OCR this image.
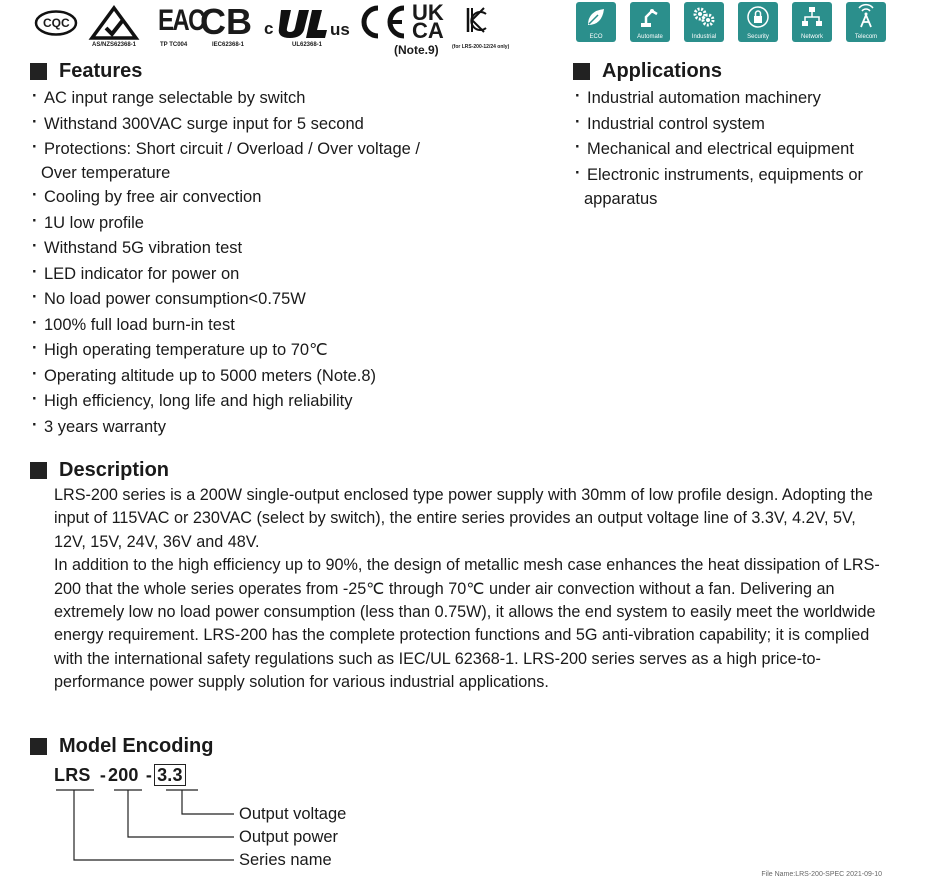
CQC
AS/NZS62368-1
EAC
TP TC004
CB
IEC62368-1
c	us
UL62368-1
UK
CA
(Note.9)	(for LRS-200-12/24 only)
ECO	Automate	Industrial	Security	Network	Telecom
Features
· AC input range selectable by switch
· Withstand 300VAC surge input for 5 second
· Protections: Short circuit / Overload / Over voltage /
Over temperature
· Cooling by free air convection
· 1U low profile
· Withstand 5G vibration test
· LED indicator for power on
· No load power consumption<0.75W
· 100% full load burn-in test
· High operating temperature up to 70℃
· Operating altitude up to 5000 meters (Note.8)
· High efficiency, long life and high reliability
· 3 years warranty
Applications
· Industrial automation machinery
· Industrial control system
· Mechanical and electrical equipment
· Electronic instruments, equipments or
apparatus
Description

LRS-200 series is a 200W single-output enclosed type power supply with 30mm of low profile design. Adopting the input of 115VAC or 230VAC (select by switch), the entire series provides an output voltage line of 3.3V, 4.2V, 5V, 12V, 15V, 24V, 36V and 48V.

In addition to the high efficiency up to 90%, the design of metallic mesh case enhances the heat dissipation of LRS-200 that the whole series operates from -25℃ through 70℃ under air convection without a fan. Delivering an extremely low no load power consumption (less than 0.75W), it allows the end system to easily meet the worldwide energy requirement. LRS-200 has the complete protection functions and 5G anti-vibration capability; it is complied with the international safety regulations such as IEC/UL 62368-1. LRS-200 series serves as a high price-to-performance power supply solution for various industrial applications.

Model Encoding
LRS - 200 - 3.3
Output voltage
Output power
Series name
File Name:LRS-200-SPEC 2021-09-10
